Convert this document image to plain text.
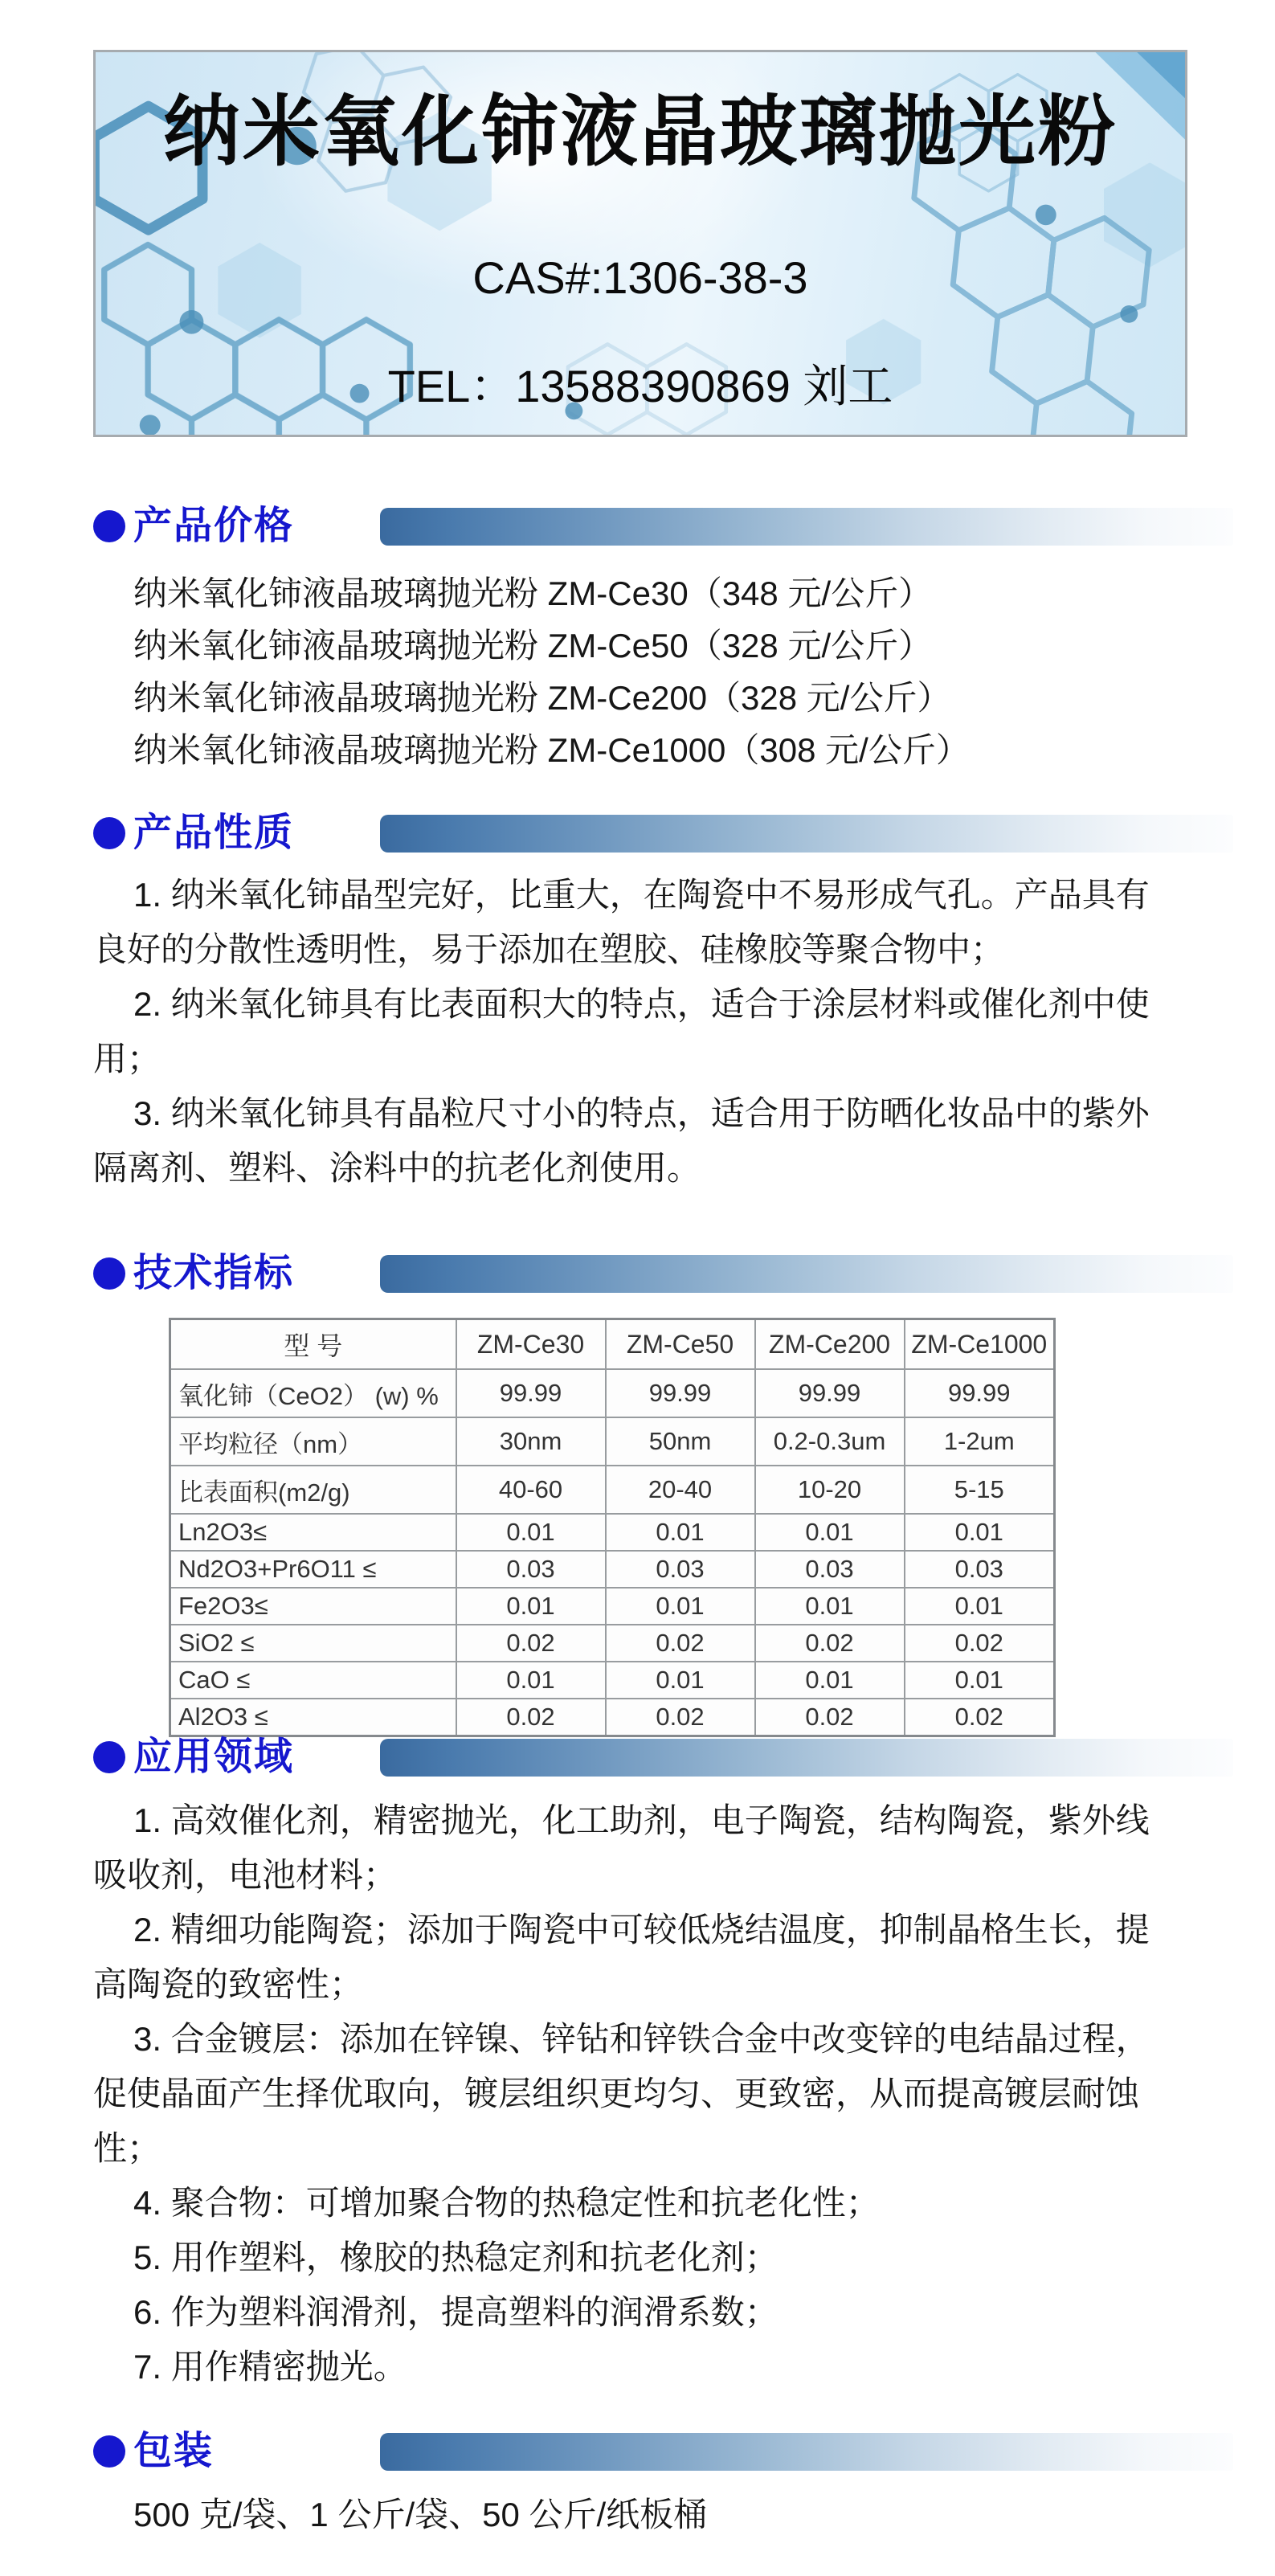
纳米氧化铈液晶玻璃抛光粉

CAS#:1306-38-3

TEL：13588390869 刘工

产品价格
纳米氧化铈液晶玻璃抛光粉 ZM-Ce30（348 元/公斤）
纳米氧化铈液晶玻璃抛光粉 ZM-Ce50（328 元/公斤）
纳米氧化铈液晶玻璃抛光粉 ZM-Ce200（328 元/公斤）
纳米氧化铈液晶玻璃抛光粉 ZM-Ce1000（308 元/公斤）
产品性质

1. 纳米氧化铈晶型完好，比重大，在陶瓷中不易形成气孔。产品具有良好的分散性透明性，易于添加在塑胶、硅橡胶等聚合物中；

2. 纳米氧化铈具有比表面积大的特点，适合于涂层材料或催化剂中使用；

3. 纳米氧化铈具有晶粒尺寸小的特点，适合用于防晒化妆品中的紫外隔离剂、塑料、涂料中的抗老化剂使用。

技术指标
型 号	ZM-Ce30	ZM-Ce50	ZM-Ce200	ZM-Ce1000
氧化铈（CeO2） (w) %	99.99	99.99	99.99	99.99
平均粒径（nm）	30nm	50nm	0.2-0.3um	1-2um
比表面积(m2/g)	40-60	20-40	10-20	5-15
Ln2O3≤	0.01	0.01	0.01	0.01
Nd2O3+Pr6O11 ≤	0.03	0.03	0.03	0.03
Fe2O3≤	0.01	0.01	0.01	0.01
SiO2 ≤	0.02	0.02	0.02	0.02
CaO ≤	0.01	0.01	0.01	0.01
Al2O3 ≤	0.02	0.02	0.02	0.02
应用领域

1. 高效催化剂，精密抛光，化工助剂，电子陶瓷，结构陶瓷，紫外线吸收剂，电池材料；

2. 精细功能陶瓷；添加于陶瓷中可较低烧结温度，抑制晶格生长，提高陶瓷的致密性；

3. 合金镀层：添加在锌镍、锌钻和锌铁合金中改变锌的电结晶过程，促使晶面产生择优取向，镀层组织更均匀、更致密，从而提高镀层耐蚀性；

4. 聚合物：可增加聚合物的热稳定性和抗老化性；

5. 用作塑料，橡胶的热稳定剂和抗老化剂；

6. 作为塑料润滑剂，提高塑料的润滑系数；

7. 用作精密抛光。

包装
500 克/袋、1 公斤/袋、50 公斤/纸板桶
